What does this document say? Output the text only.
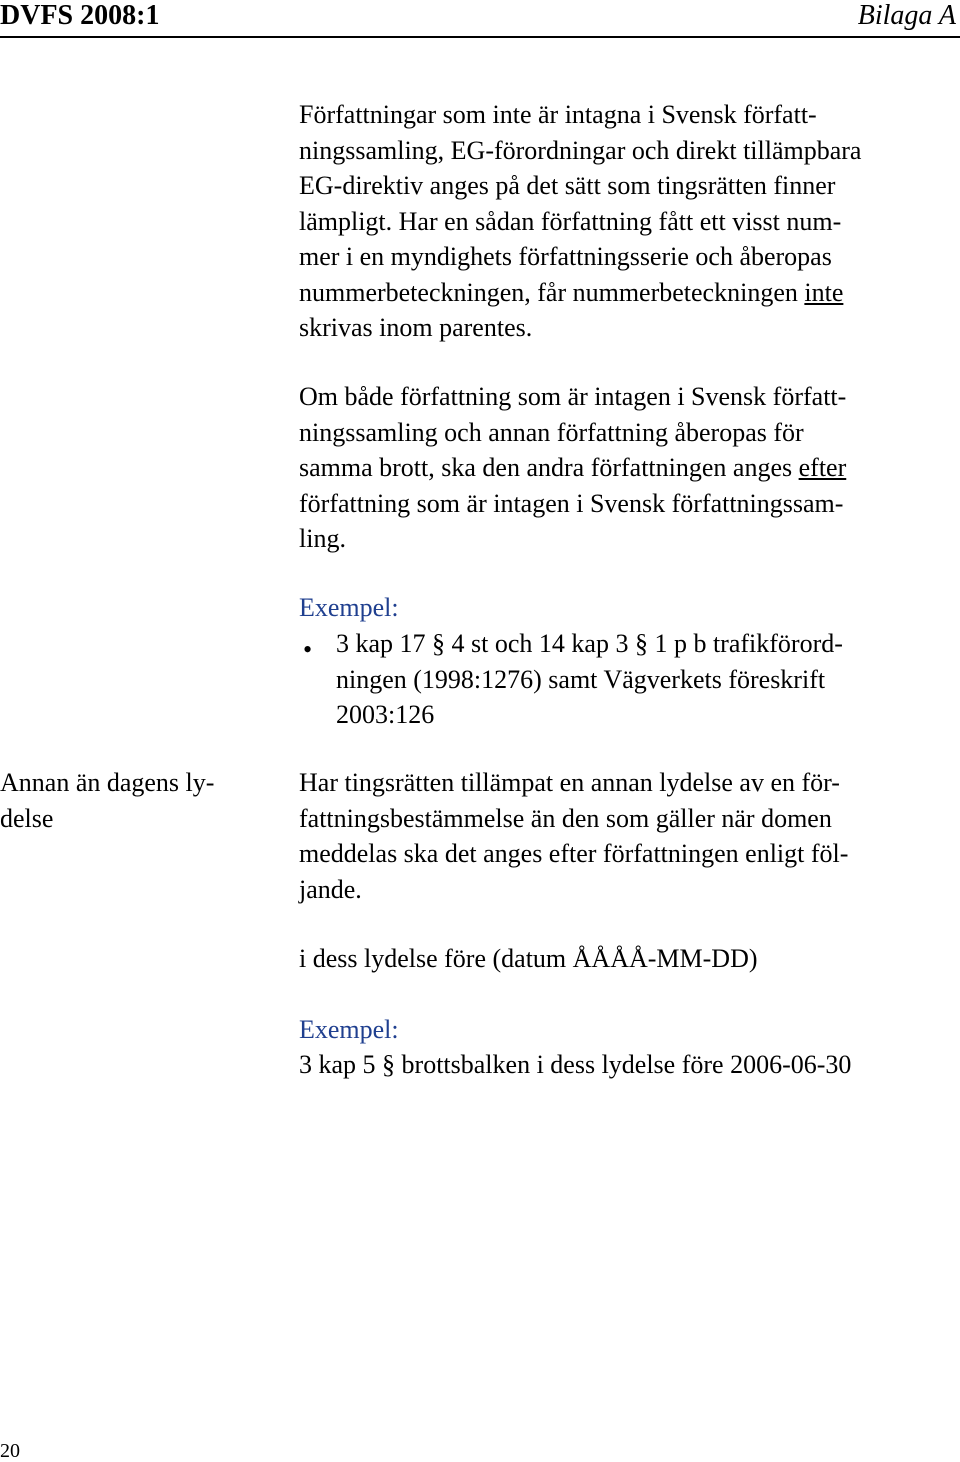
DVFS 2008:1	Bilaga A
Författningar som inte är intagna i Svensk författ-
ningssamling, EG-förordningar och direkt tillämpbara
EG-direktiv anges på det sätt som tingsrätten finner
lämpligt. Har en sådan författning fått ett visst num-
mer i en myndighets författningsserie och åberopas
nummerbeteckningen, får nummerbeteckningen inte
skrivas inom parentes.
Om både författning som är intagen i Svensk författ-
ningssamling och annan författning åberopas för
samma brott, ska den andra författningen anges efter
författning som är intagen i Svensk författningssam-
ling.
Exempel:
• 3 kap 17 § 4 st och 14 kap 3 § 1 p b trafikförord-
ningen (1998:1276) samt Vägverkets föreskrift
2003:126
Annan än dagens ly-
delse
Har tingsrätten tillämpat en annan lydelse av en för-
fattningsbestämmelse än den som gäller när domen
meddelas ska det anges efter författningen enligt föl-
jande.
i dess lydelse före (datum ÅÅÅÅ-MM-DD)
Exempel:
3 kap 5 § brottsbalken i dess lydelse före 2006-06-30
20
